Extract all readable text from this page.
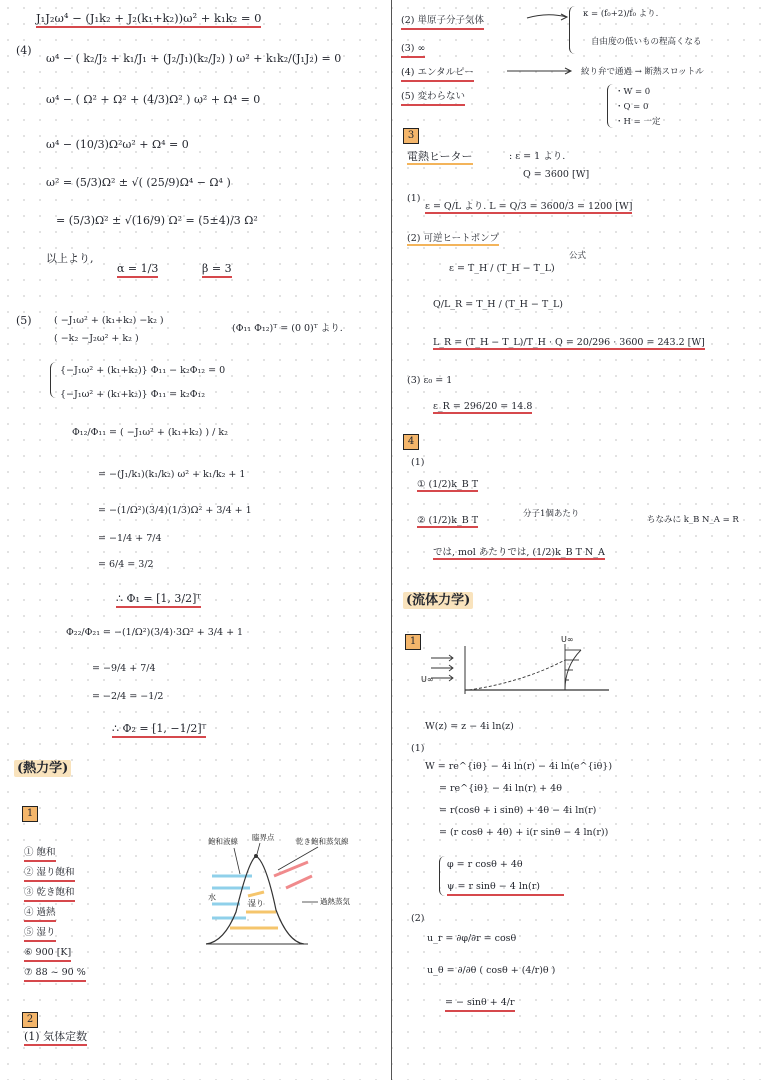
J₁J₂ω⁴ − (J₁k₂ + J₂(k₁+k₂))ω² + k₁k₂ = 0
(4)
ω⁴ − ( k₂/J₂ + k₁/J₁ + (J₂/J₁)(k₂/J₂) ) ω² + k₁k₂/(J₁J₂) = 0
ω⁴ − ( Ω² + Ω² + (4/3)Ω² ) ω² + Ω⁴ = 0
ω⁴ − (10/3)Ω²ω² + Ω⁴ = 0
ω² = (5/3)Ω² ± √( (25/9)Ω⁴ − Ω⁴ )
= (5/3)Ω² ± √(16/9) Ω² = (5±4)/3 Ω²
以上より,
α = 1/3	β = 3
(5) ( −J₁ω² + (k₁+k₂) −k₂ )
( −k₂ −J₂ω² + k₂ )
(Φ₁₁ Φ₁₂)ᵀ = (0 0)ᵀ より.
{−J₁ω² + (k₁+k₂)} Φ₁₁ − k₂Φ₁₂ = 0
{−J₁ω² + (k₁+k₂)} Φ₁₁ = k₂Φ₁₂
Φ₁₂/Φ₁₁ = ( −J₁ω² + (k₁+k₂) ) / k₂
= −(J₁/k₁)(k₁/k₂) ω² + k₁/k₂ + 1
= −(1/Ω²)(3/4)(1/3)Ω² + 3/4 + 1
= −1/4 + 7/4
= 6/4 = 3/2
∴ Φ₁ = [1, 3/2]ᵀ
Φ₂₂/Φ₂₁ = −(1/Ω²)(3/4)·3Ω² + 3/4 + 1
= −9/4 + 7/4
= −2/4 = −1/2
∴ Φ₂ = [1, −1/2]ᵀ
(熱力学)
1
① 飽和
② 湿り飽和
③ 乾き飽和
④ 過熱
⑤ 湿り
⑥ 900 [K]
⑦ 88 ~ 90 %
飽和液線 臨界点	乾き飽和蒸気線
水
湿り	過熱蒸気
2
(1) 気体定数
(2) 単原子分子気体
κ = (f₀+2)/f₀ より.
自由度の低いもの程高くなる
(3) ∞
(4) エンタルピー	絞り弁で通過 → 断熱スロットル
(5) 変わらない	・W = 0
・Q = 0
・H = 一定
3
電熱ヒーター	: ε = 1 より.
Q = 3600 [W]
(1)
ε = Q/L より. L = Q/3 = 3600/3 = 1200 [W]
(2) 可逆ヒートポンプ
ε = T_H / (T_H − T_L)
公式
Q/L_R = T_H / (T_H − T_L)
L_R = (T_H − T_L)/T_H · Q = 20/296 · 3600 = 243.2 [W]
(3) ε₀ = 1
ε_R = 296/20 = 14.8
4
(1)
① (1/2)k_B T
② (1/2)k_B T
分子1個あたり
ちなみに k_B N_A = R
では, mol あたりでは, (1/2)k_B T N_A
(流体力学)
1
U∞
U∞
W(z) = z − 4i ln(z)
(1)
W = re^{iθ} − 4i ln(r) − 4i ln(e^{iθ})
= re^{iθ} − 4i ln(r) + 4θ
= r(cosθ + i sinθ) + 4θ − 4i ln(r)
= (r cosθ + 4θ) + i(r sinθ − 4 ln(r))
φ = r cosθ + 4θ
ψ = r sinθ − 4 ln(r)
(2)
u_r = ∂φ/∂r = cosθ
u_θ = ∂/∂θ ( cosθ + (4/r)θ )
= − sinθ + 4/r
